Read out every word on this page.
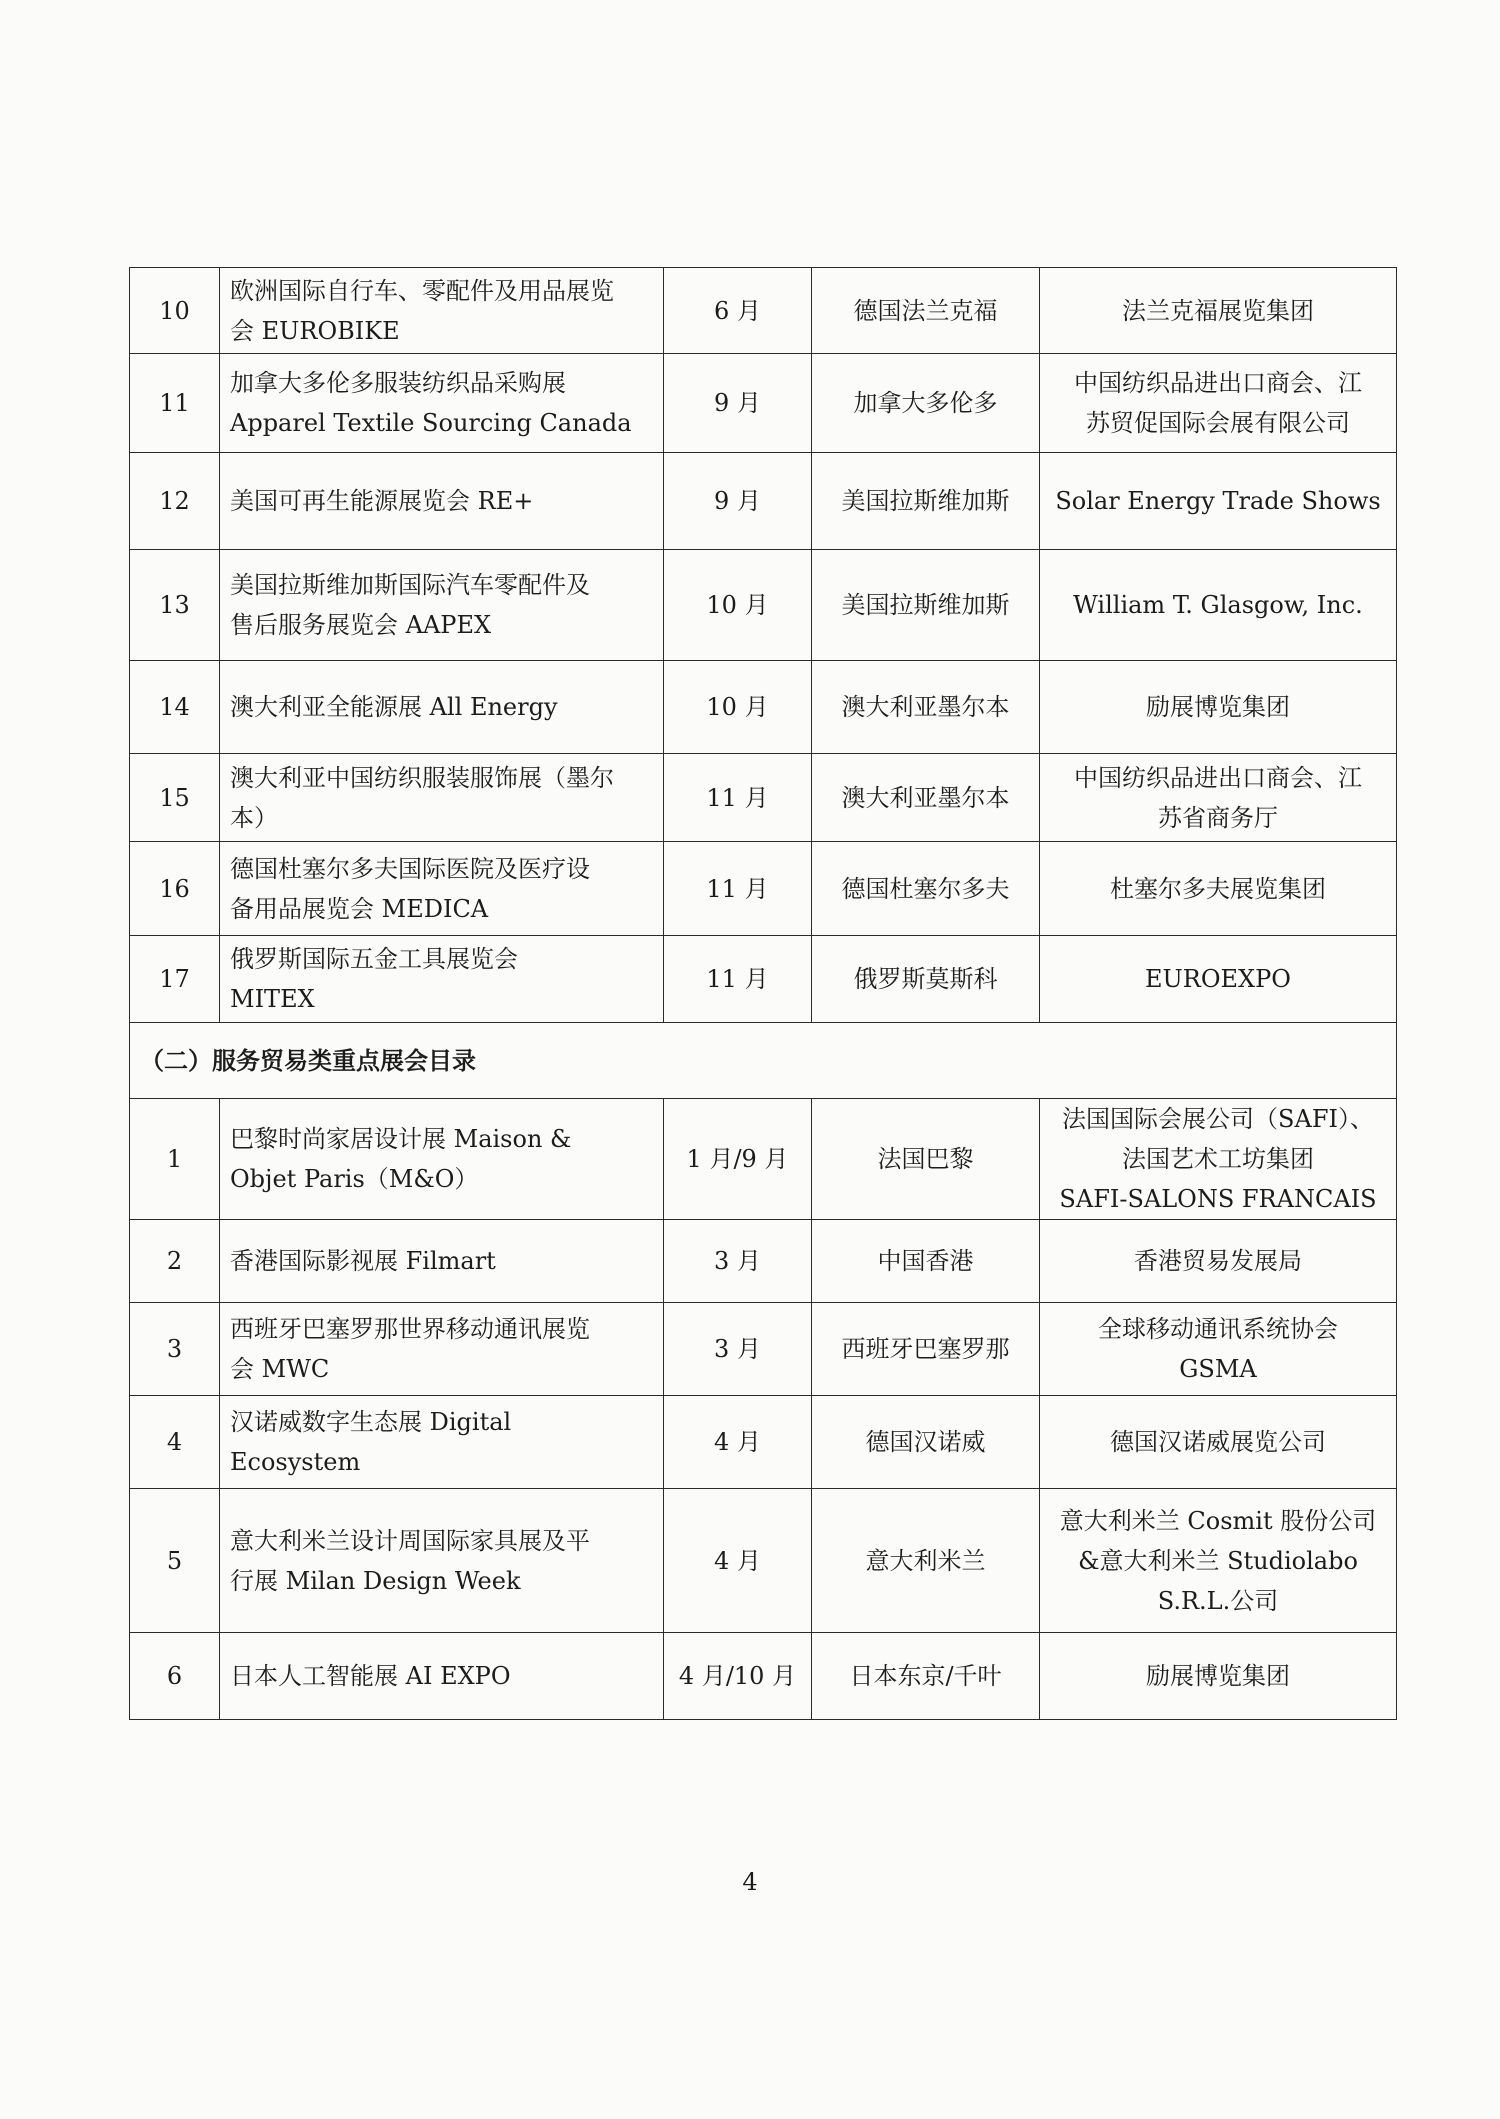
10	欧洲国际自行车、零配件及用品展览
会 EUROBIKE	6 月	德国法兰克福	法兰克福展览集团

11	加拿大多伦多服装纺织品采购展
Apparel Textile Sourcing Canada	9 月	加拿大多伦多	中国纺织品进出口商会、江
苏贸促国际会展有限公司

12	美国可再生能源展览会 RE+	9 月	美国拉斯维加斯	Solar Energy Trade Shows

13	美国拉斯维加斯国际汽车零配件及
售后服务展览会 AAPEX	10 月	美国拉斯维加斯	William T. Glasgow, Inc.

14	澳大利亚全能源展 All Energy	10 月	澳大利亚墨尔本	励展博览集团

15	澳大利亚中国纺织服装服饰展（墨尔
本）	11 月	澳大利亚墨尔本	中国纺织品进出口商会、江
苏省商务厅

16	德国杜塞尔多夫国际医院及医疗设
备用品展览会 MEDICA	11 月	德国杜塞尔多夫	杜塞尔多夫展览集团

17	俄罗斯国际五金工具展览会
MITEX	11 月	俄罗斯莫斯科	EUROEXPO

（二）服务贸易类重点展会目录				
1	巴黎时尚家居设计展 Maison &
Objet Paris（M&O）	1 月/9 月	法国巴黎	法国国际会展公司（SAFI）、
法国艺术工坊集团
SAFI-SALONS FRANCAIS

2	香港国际影视展 Filmart	3 月	中国香港	香港贸易发展局

3	西班牙巴塞罗那世界移动通讯展览
会 MWC	3 月	西班牙巴塞罗那	全球移动通讯系统协会
GSMA

4	汉诺威数字生态展 Digital
Ecosystem	4 月	德国汉诺威	德国汉诺威展览公司

5	意大利米兰设计周国际家具展及平
行展 Milan Design Week	4 月	意大利米兰	意大利米兰 Cosmit 股份公司
&意大利米兰 Studiolabo
S.R.L.公司

6	日本人工智能展 AI EXPO	4 月/10 月	日本东京/千叶	励展博览集团
4
